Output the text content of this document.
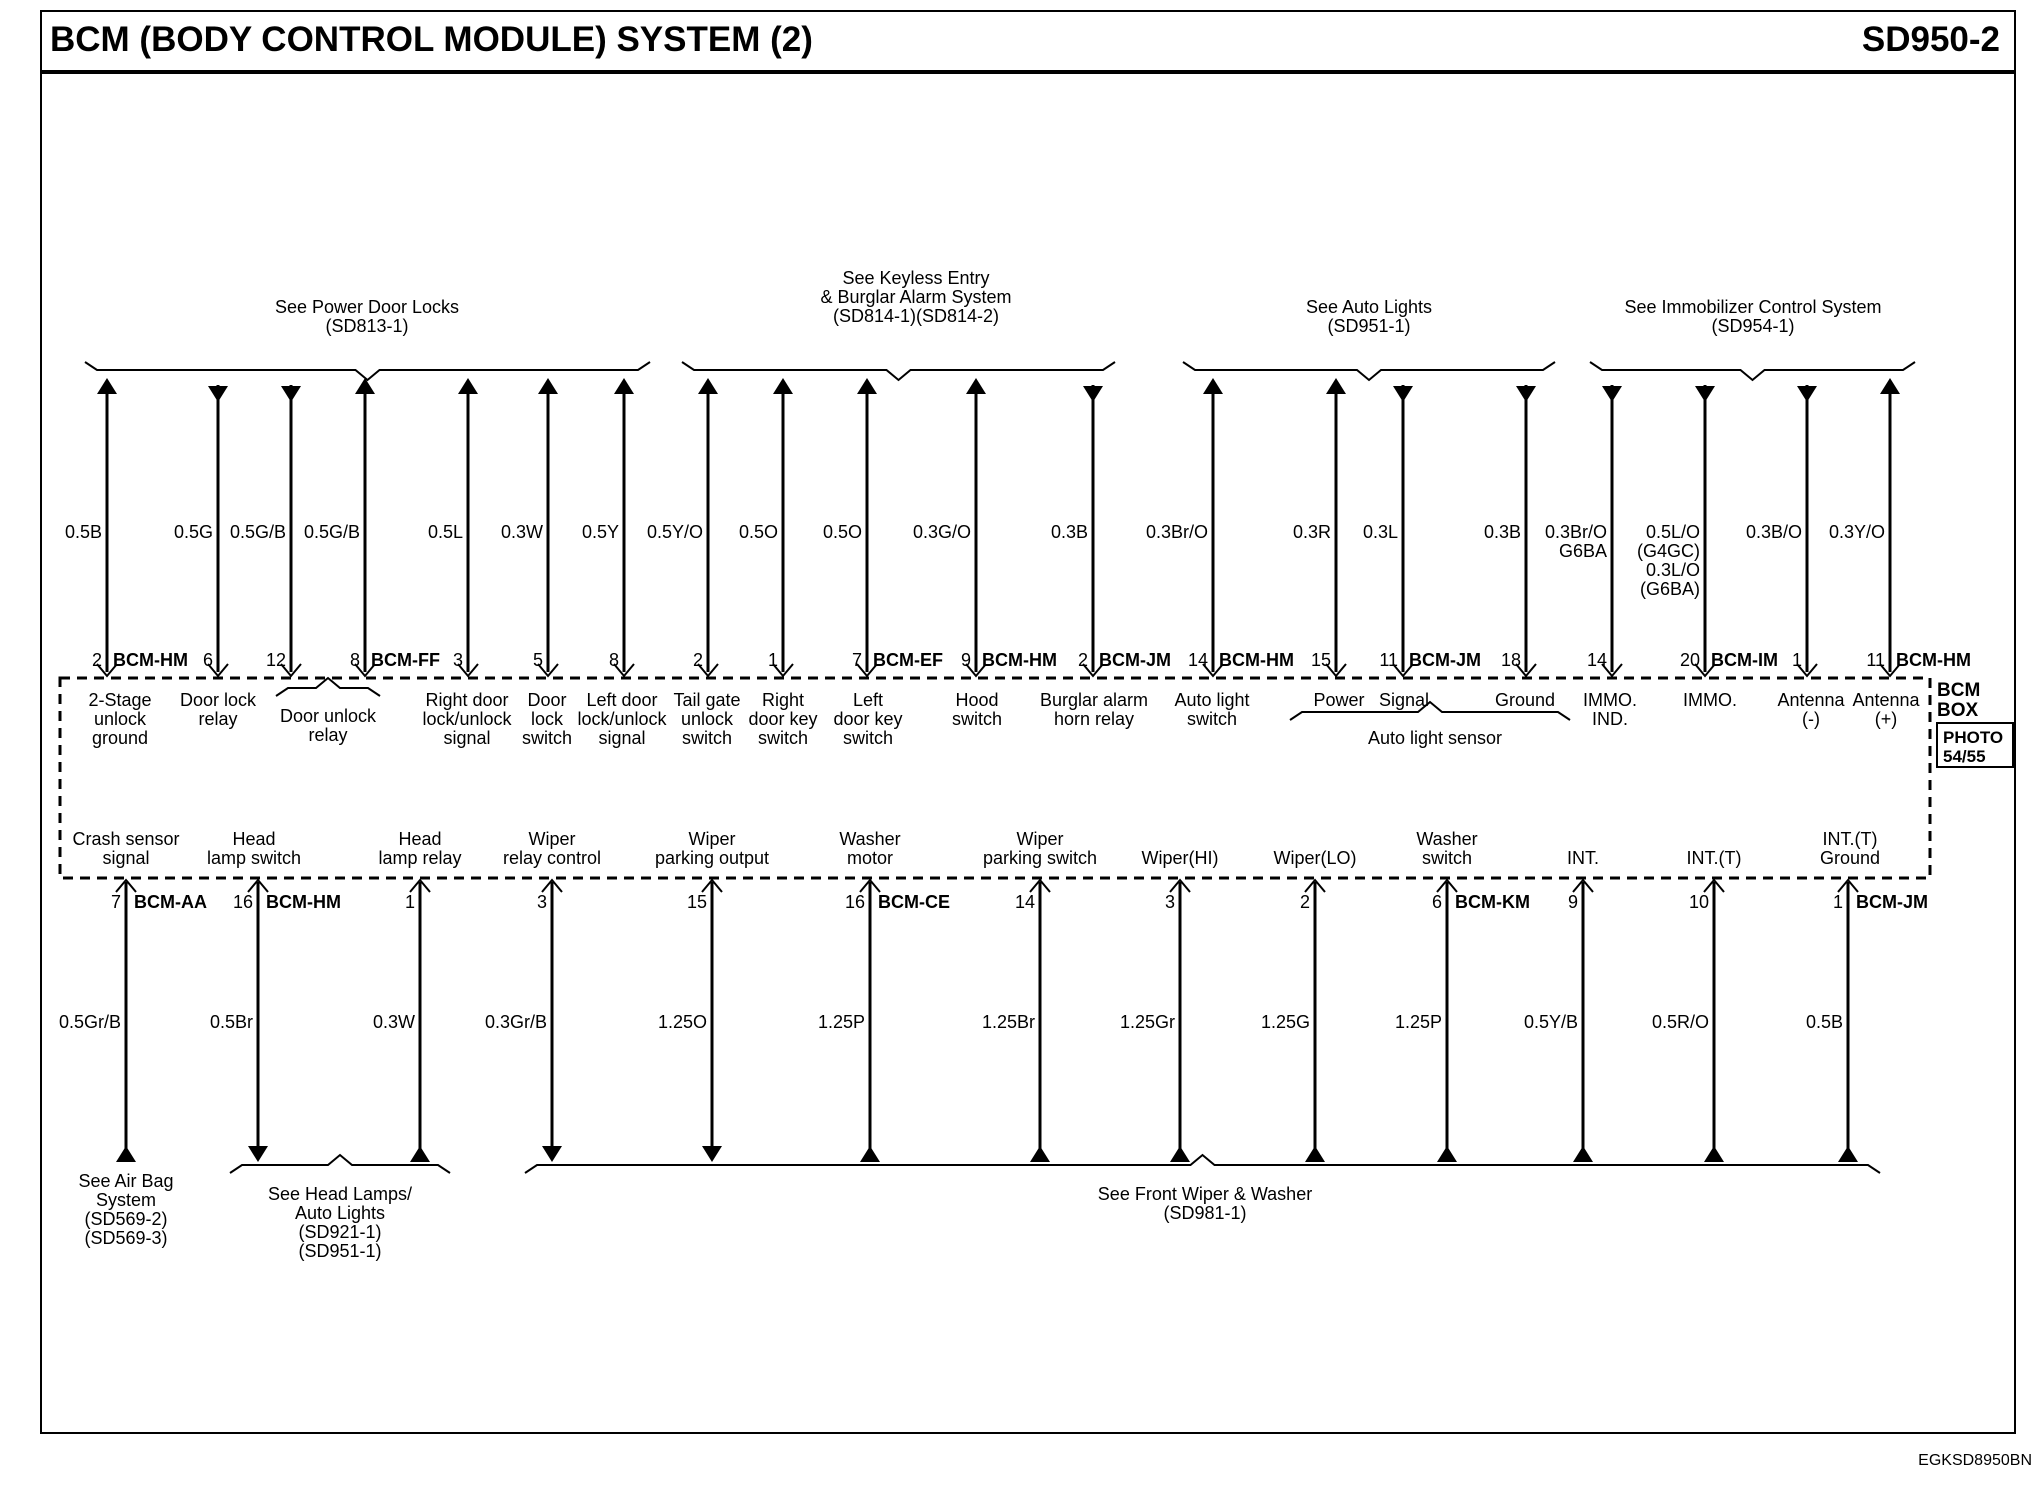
BCM (BODY CONTROL MODULE) SYSTEM (2)	SD950-2
EGKSD8950BN
BCM
BOX
PHOTO
54/55
See Power Door Locks (SD813-1)
See Keyless Entry & Burglar Alarm System (SD814-1)(SD814-2)	See Auto Lights (SD951-1)
See Immobilizer Control System (SD954-1)
0.5B
2 BCM-HM
2-Stage unlock ground
0.5G
6
Door lock relay
0.5G/B
12
0.5G/B
8 BCM-FF
0.5L
3
Right door lock/unlock signal
0.3W
5
Door lock switch
0.5Y
8
Left door lock/unlock signal
0.5Y/O
2
Tail gate unlock switch
0.5O
1
Right door key switch
0.5O
7 BCM-EF
Left door key switch
0.3G/O
9 BCM-HM
Hood switch
0.3B
2 BCM-JM
Burglar alarm horn relay
0.3Br/O
14 BCM-HM
Auto light switch
0.3R
15
Power
0.3L
11 BCM-JM
Signal
0.3B
18
Ground
0.3Br/O G6BA
14
IMMO. IND.
0.5L/O (G4GC) 0.3L/O (G6BA)
20 BCM-IM
IMMO.
0.3B/O
1
Antenna (-)
0.3Y/O
11 BCM-HM
Antenna (+)
Door unlock relay	Auto light sensor
0.5Gr/B
7 BCM-AA
Crash sensor signal
0.5Br
16 BCM-HM
Head lamp switch
0.3W
1
Head lamp relay
0.3Gr/B
3
Wiper relay control
1.25O
15
Wiper parking output
1.25P
16 BCM-CE
Washer motor
1.25Br
14
Wiper parking switch
1.25Gr
3
Wiper(HI)
1.25G
2
Wiper(LO)
1.25P
6 BCM-KM
Washer switch
0.5Y/B
9
INT.
0.5R/O
10
INT.(T)
0.5B
1 BCM-JM
INT.(T) Ground
See Air Bag System (SD569-2) (SD569-3)
See Head Lamps/ Auto Lights (SD921-1) (SD951-1)
See Front Wiper & Washer (SD981-1)
